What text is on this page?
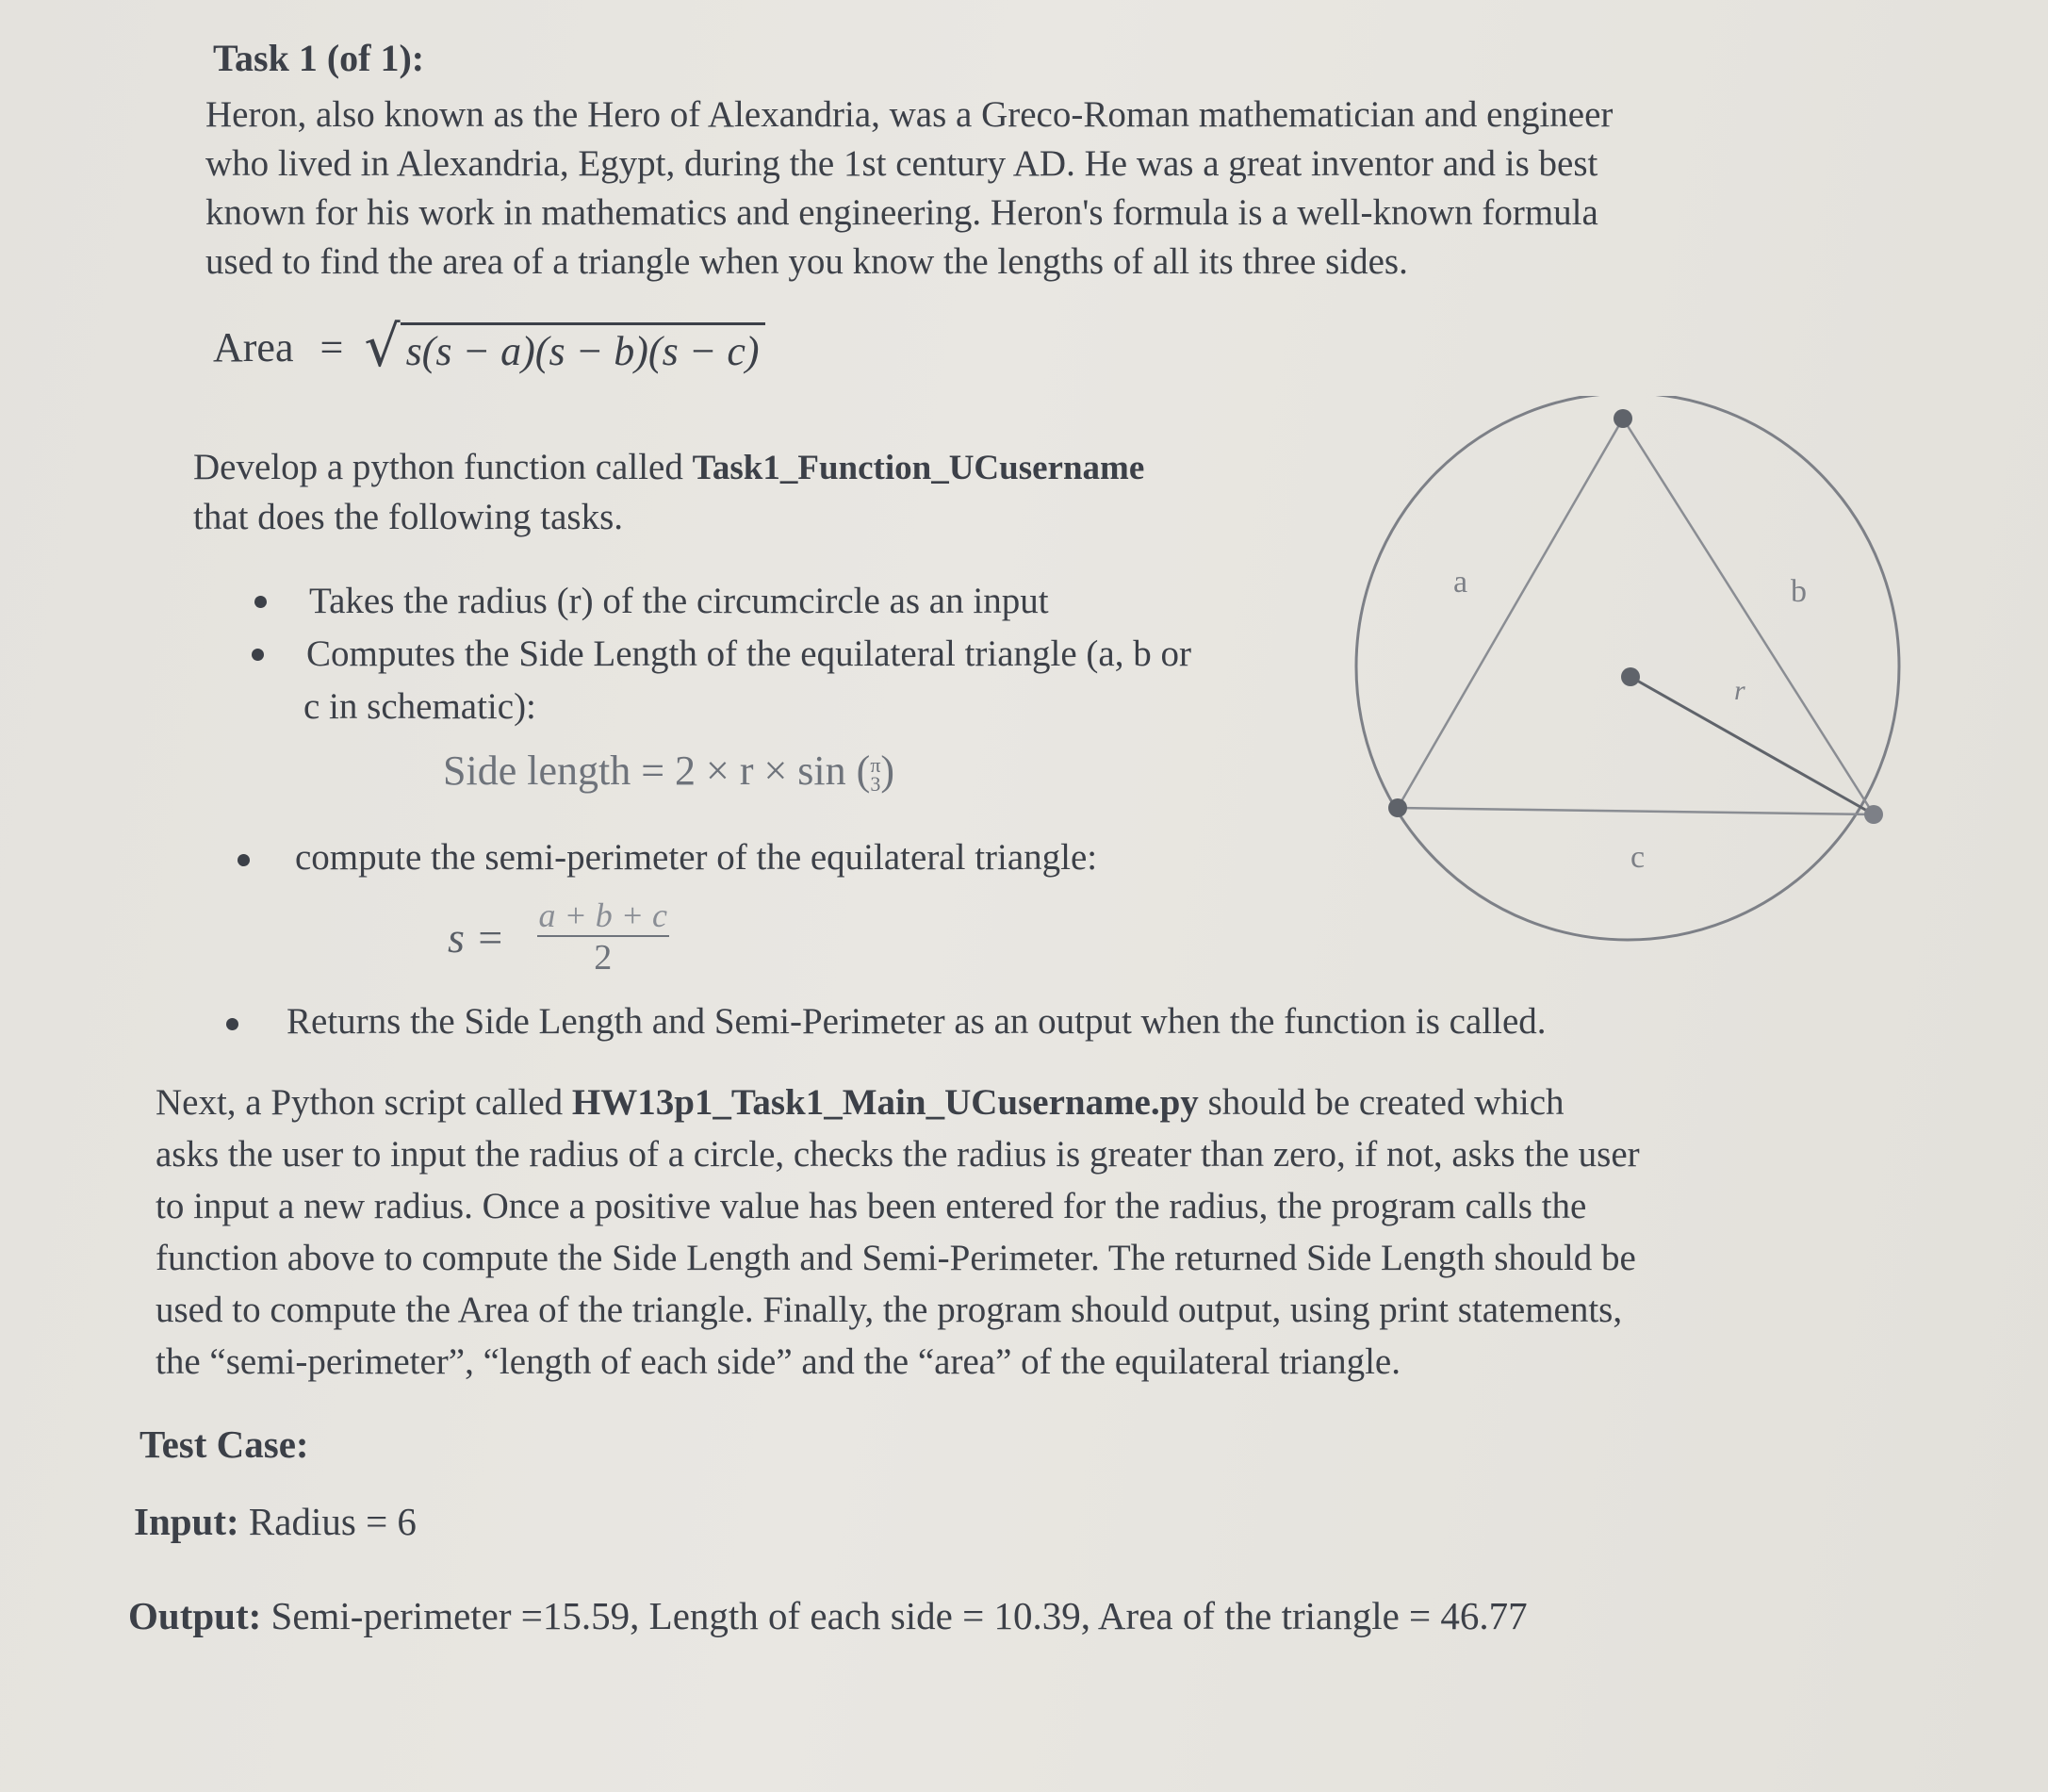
Task 1 (of 1):
Heron, also known as the Hero of Alexandria, was a Greco-Roman mathematician and engineer
who lived in Alexandria, Egypt, during the 1st century AD. He was a great inventor and is best
known for his work in mathematics and engineering. Heron's formula is a well-known formula
used to find the area of a triangle when you know the lengths of all its three sides.
Area = √ s(s − a)(s − b)(s − c)
Develop a python function called Task1_Function_UCusername
that does the following tasks.
Takes the radius (r) of the circumcircle as an input
Computes the Side Length of the equilateral triangle (a, b or
c in schematic):
Side length = 2 × r × sin (π
3)
compute the semi-perimeter of the equilateral triangle:
$s = \frac{a + b + c}{2}$
Returns the Side Length and Semi-Perimeter as an output when the function is called.
Next, a Python script called HW13p1_Task1_Main_UCusername.py should be created which
asks the user to input the radius of a circle, checks the radius is greater than zero, if not, asks the user
to input a new radius. Once a positive value has been entered for the radius, the program calls the
function above to compute the Side Length and Semi-Perimeter. The returned Side Length should be
used to compute the Area of the triangle. Finally, the program should output, using print statements,
the “semi-perimeter”, “length of each side” and the “area” of the equilateral triangle.
Test Case:
Input: Radius = 6
Output: Semi-perimeter =15.59, Length of each side = 10.39, Area of the triangle = 46.77
a	b
c
r
